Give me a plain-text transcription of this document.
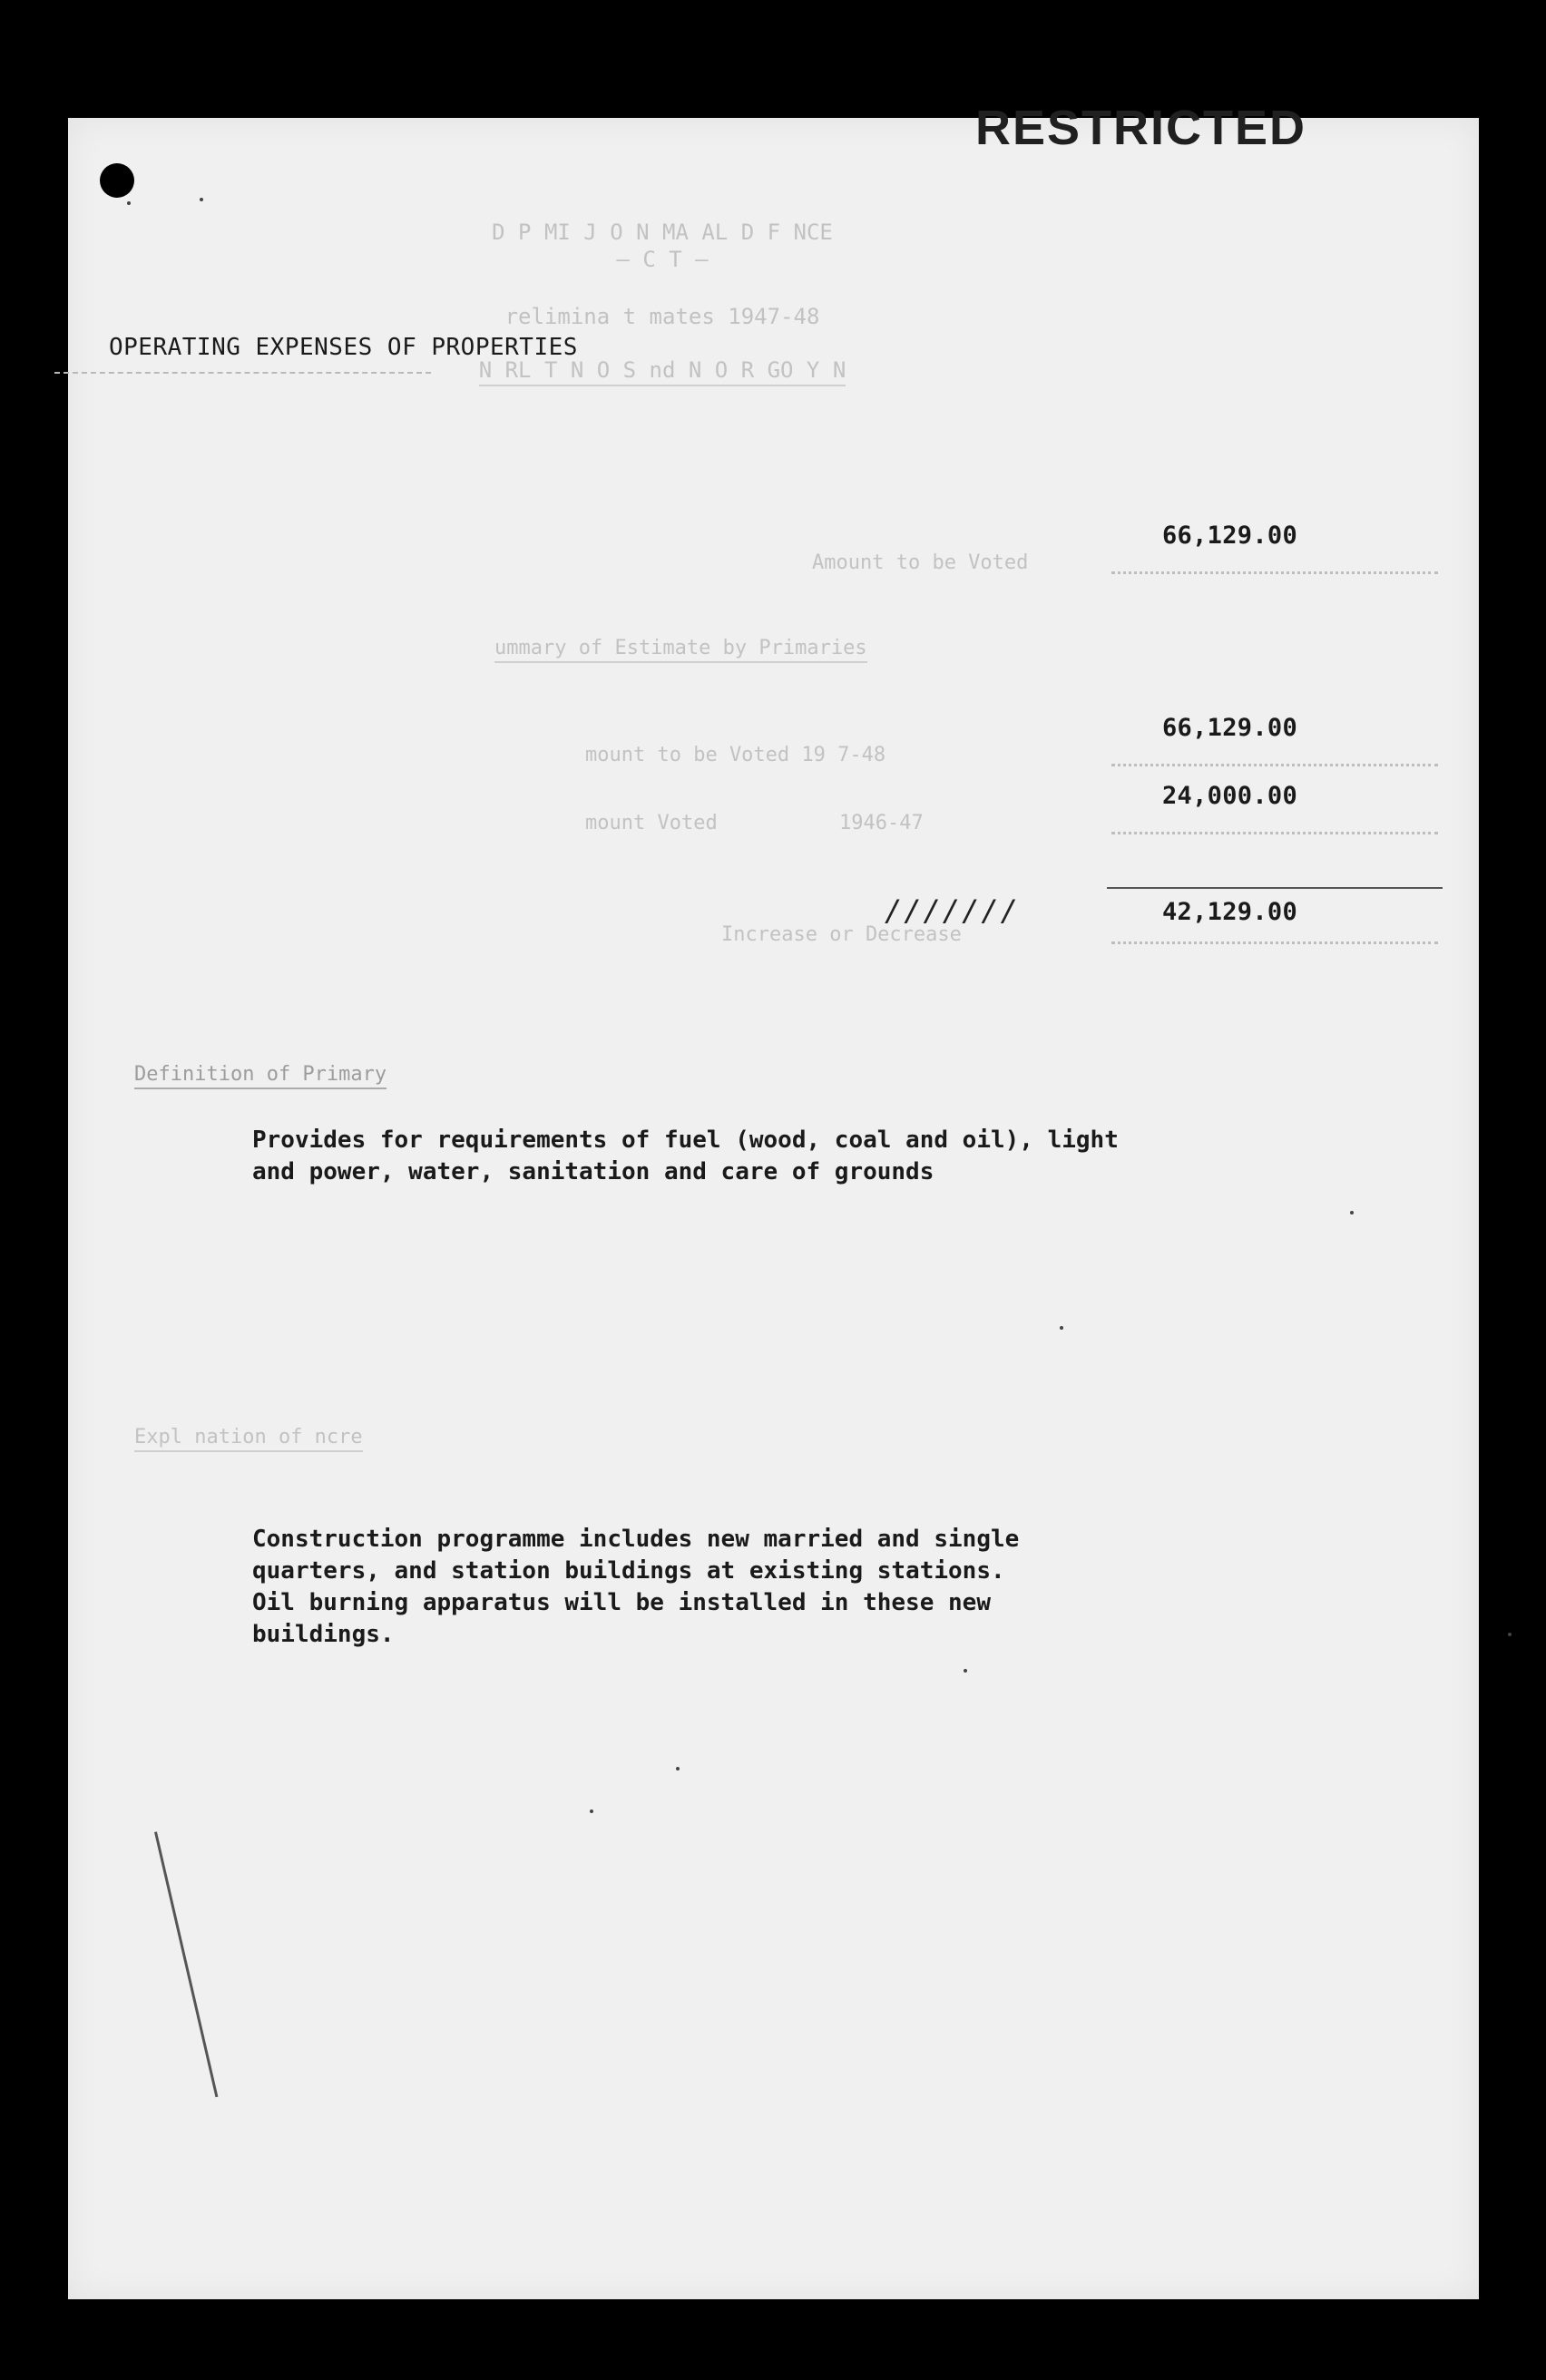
RESTRICTED
D P MI J O N MA AL D F NCE
— C T —
relimina t mates 1947-48
N RL T N O S nd N O R GO Y N
OPERATING EXPENSES OF PROPERTIES
66,129.00
Amount to be Voted
ummary of Estimate by Primaries
66,129.00
mount to be Voted 19 7-48
24,000.00
mount Voted	1946-47
42,129.00
Increase or Decrease
///////
Definition of Primary
Provides for requirements of fuel (wood, coal and oil), light
and power, water, sanitation and care of grounds
Expl nation of ncre
Construction programme includes new married and single
quarters, and station buildings at existing stations.
Oil burning apparatus will be installed in these new
buildings.
